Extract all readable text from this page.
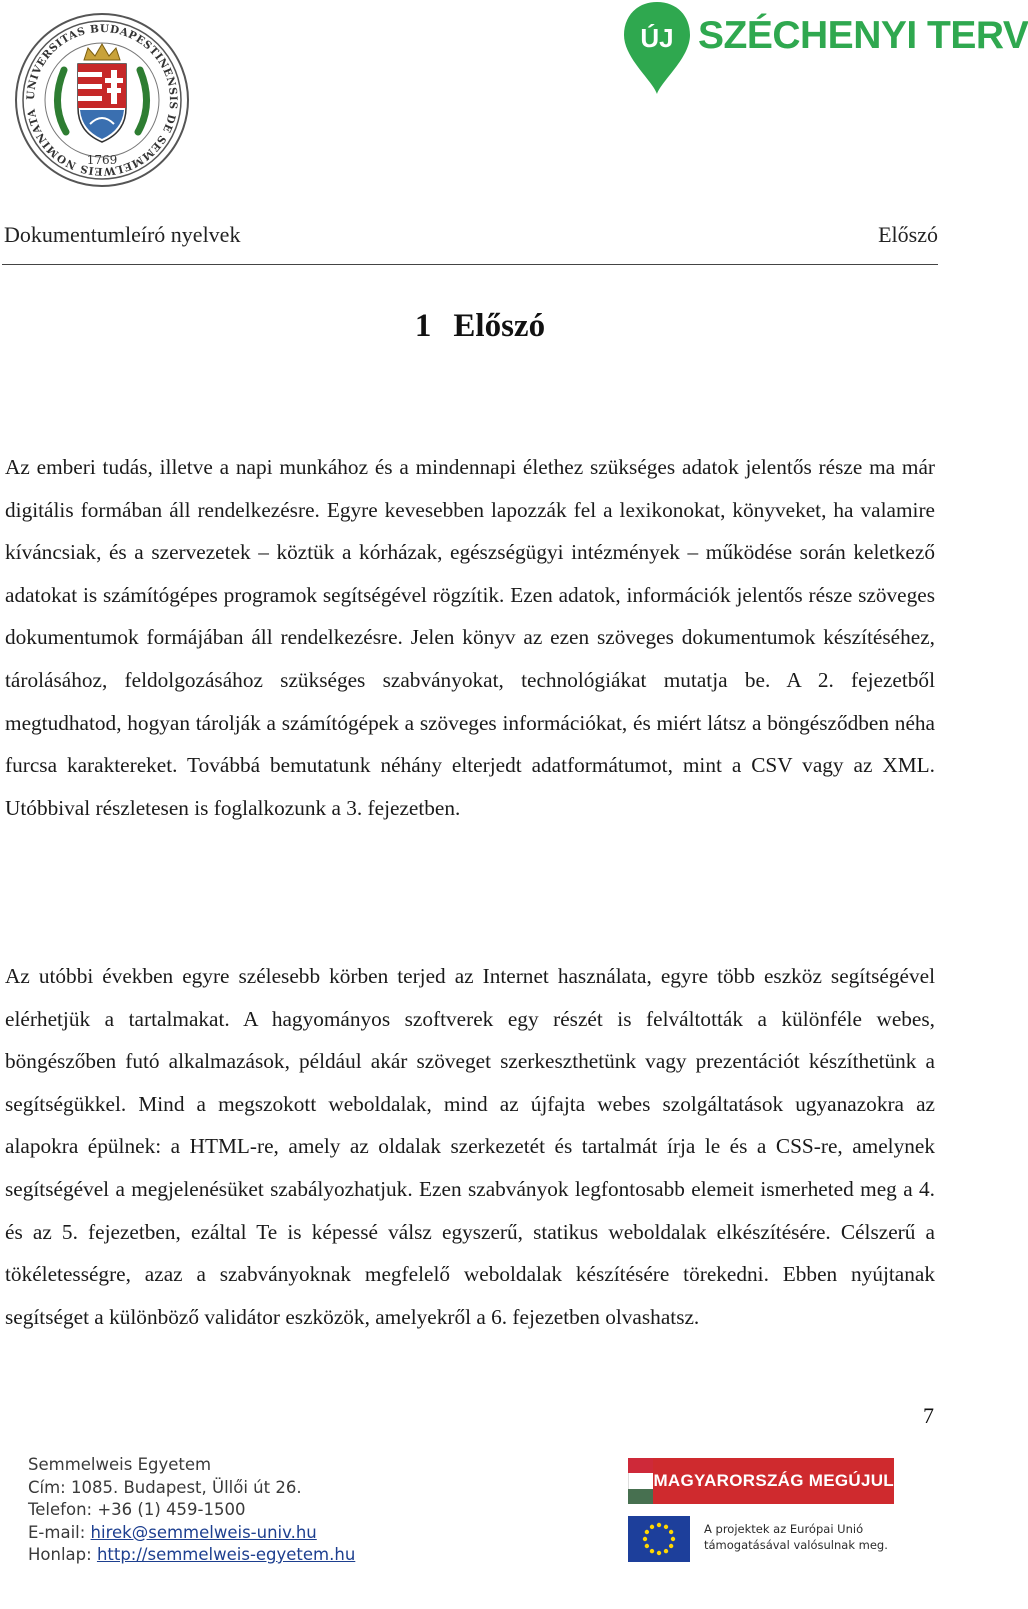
UNIVERSITAS BUDAPESTINENSIS DE SEMMELWEIS NOMINATA
1769
ÚJ SZÉCHENYI TERV
Dokumentumleíró nyelvek	Előszó
1 Előszó

Az emberi tudás, illetve a napi munkához és a mindennapi élethez szükséges adatok jelentős része ma már digitális formában áll rendelkezésre. Egyre kevesebben lapozzák fel a lexikonokat, könyveket, ha valamire kíváncsiak, és a szervezetek – köztük a kórházak, egészségügyi intézmények – működése során keletkező adatokat is számítógépes programok segítségével rögzítik. Ezen adatok, információk jelentős része szöveges dokumentumok formájában áll rendelkezésre. Jelen könyv az ezen szöveges dokumentumok készítéséhez, tárolásához, feldolgozásához szükséges szabványokat, technológiákat mutatja be. A 2. fejezetből megtudhatod, hogyan tárolják a számítógépek a szöveges információkat, és miért látsz a böngésződben néha furcsa karaktereket. Továbbá bemutatunk néhány elterjedt adatformátumot, mint a CSV vagy az XML. Utóbbival részletesen is foglalkozunk a 3. fejezetben.

Az utóbbi években egyre szélesebb körben terjed az Internet használata, egyre több eszköz segítségével elérhetjük a tartalmakat. A hagyományos szoftverek egy részét is felváltották a különféle webes, böngészőben futó alkalmazások, például akár szöveget szerkeszthetünk vagy prezentációt készíthetünk a segítségükkel. Mind a megszokott weboldalak, mind az újfajta webes szolgáltatások ugyanazokra az alapokra épülnek: a HTML-re, amely az oldalak szerkezetét és tartalmát írja le és a CSS-re, amelynek segítségével a megjelenésüket szabályozhatjuk. Ezen szabványok legfontosabb elemeit ismerheted meg a 4. és az 5. fejezetben, ezáltal Te is képessé válsz egyszerű, statikus weboldalak elkészítésére. Célszerű a tökéletességre, azaz a szabványoknak megfelelő weboldalak készítésére törekedni. Ebben nyújtanak segítséget a különböző validátor eszközök, amelyekről a 6. fejezetben olvashatsz.

7
Semmelweis Egyetem
Cím: 1085. Budapest, Üllői út 26.
Telefon: +36 (1) 459-1500
E-mail: hirek@semmelweis-univ.hu
Honlap: http://semmelweis-egyetem.hu
MAGYARORSZÁG MEGÚJUL
A projektek az Európai Unió
támogatásával valósulnak meg.
